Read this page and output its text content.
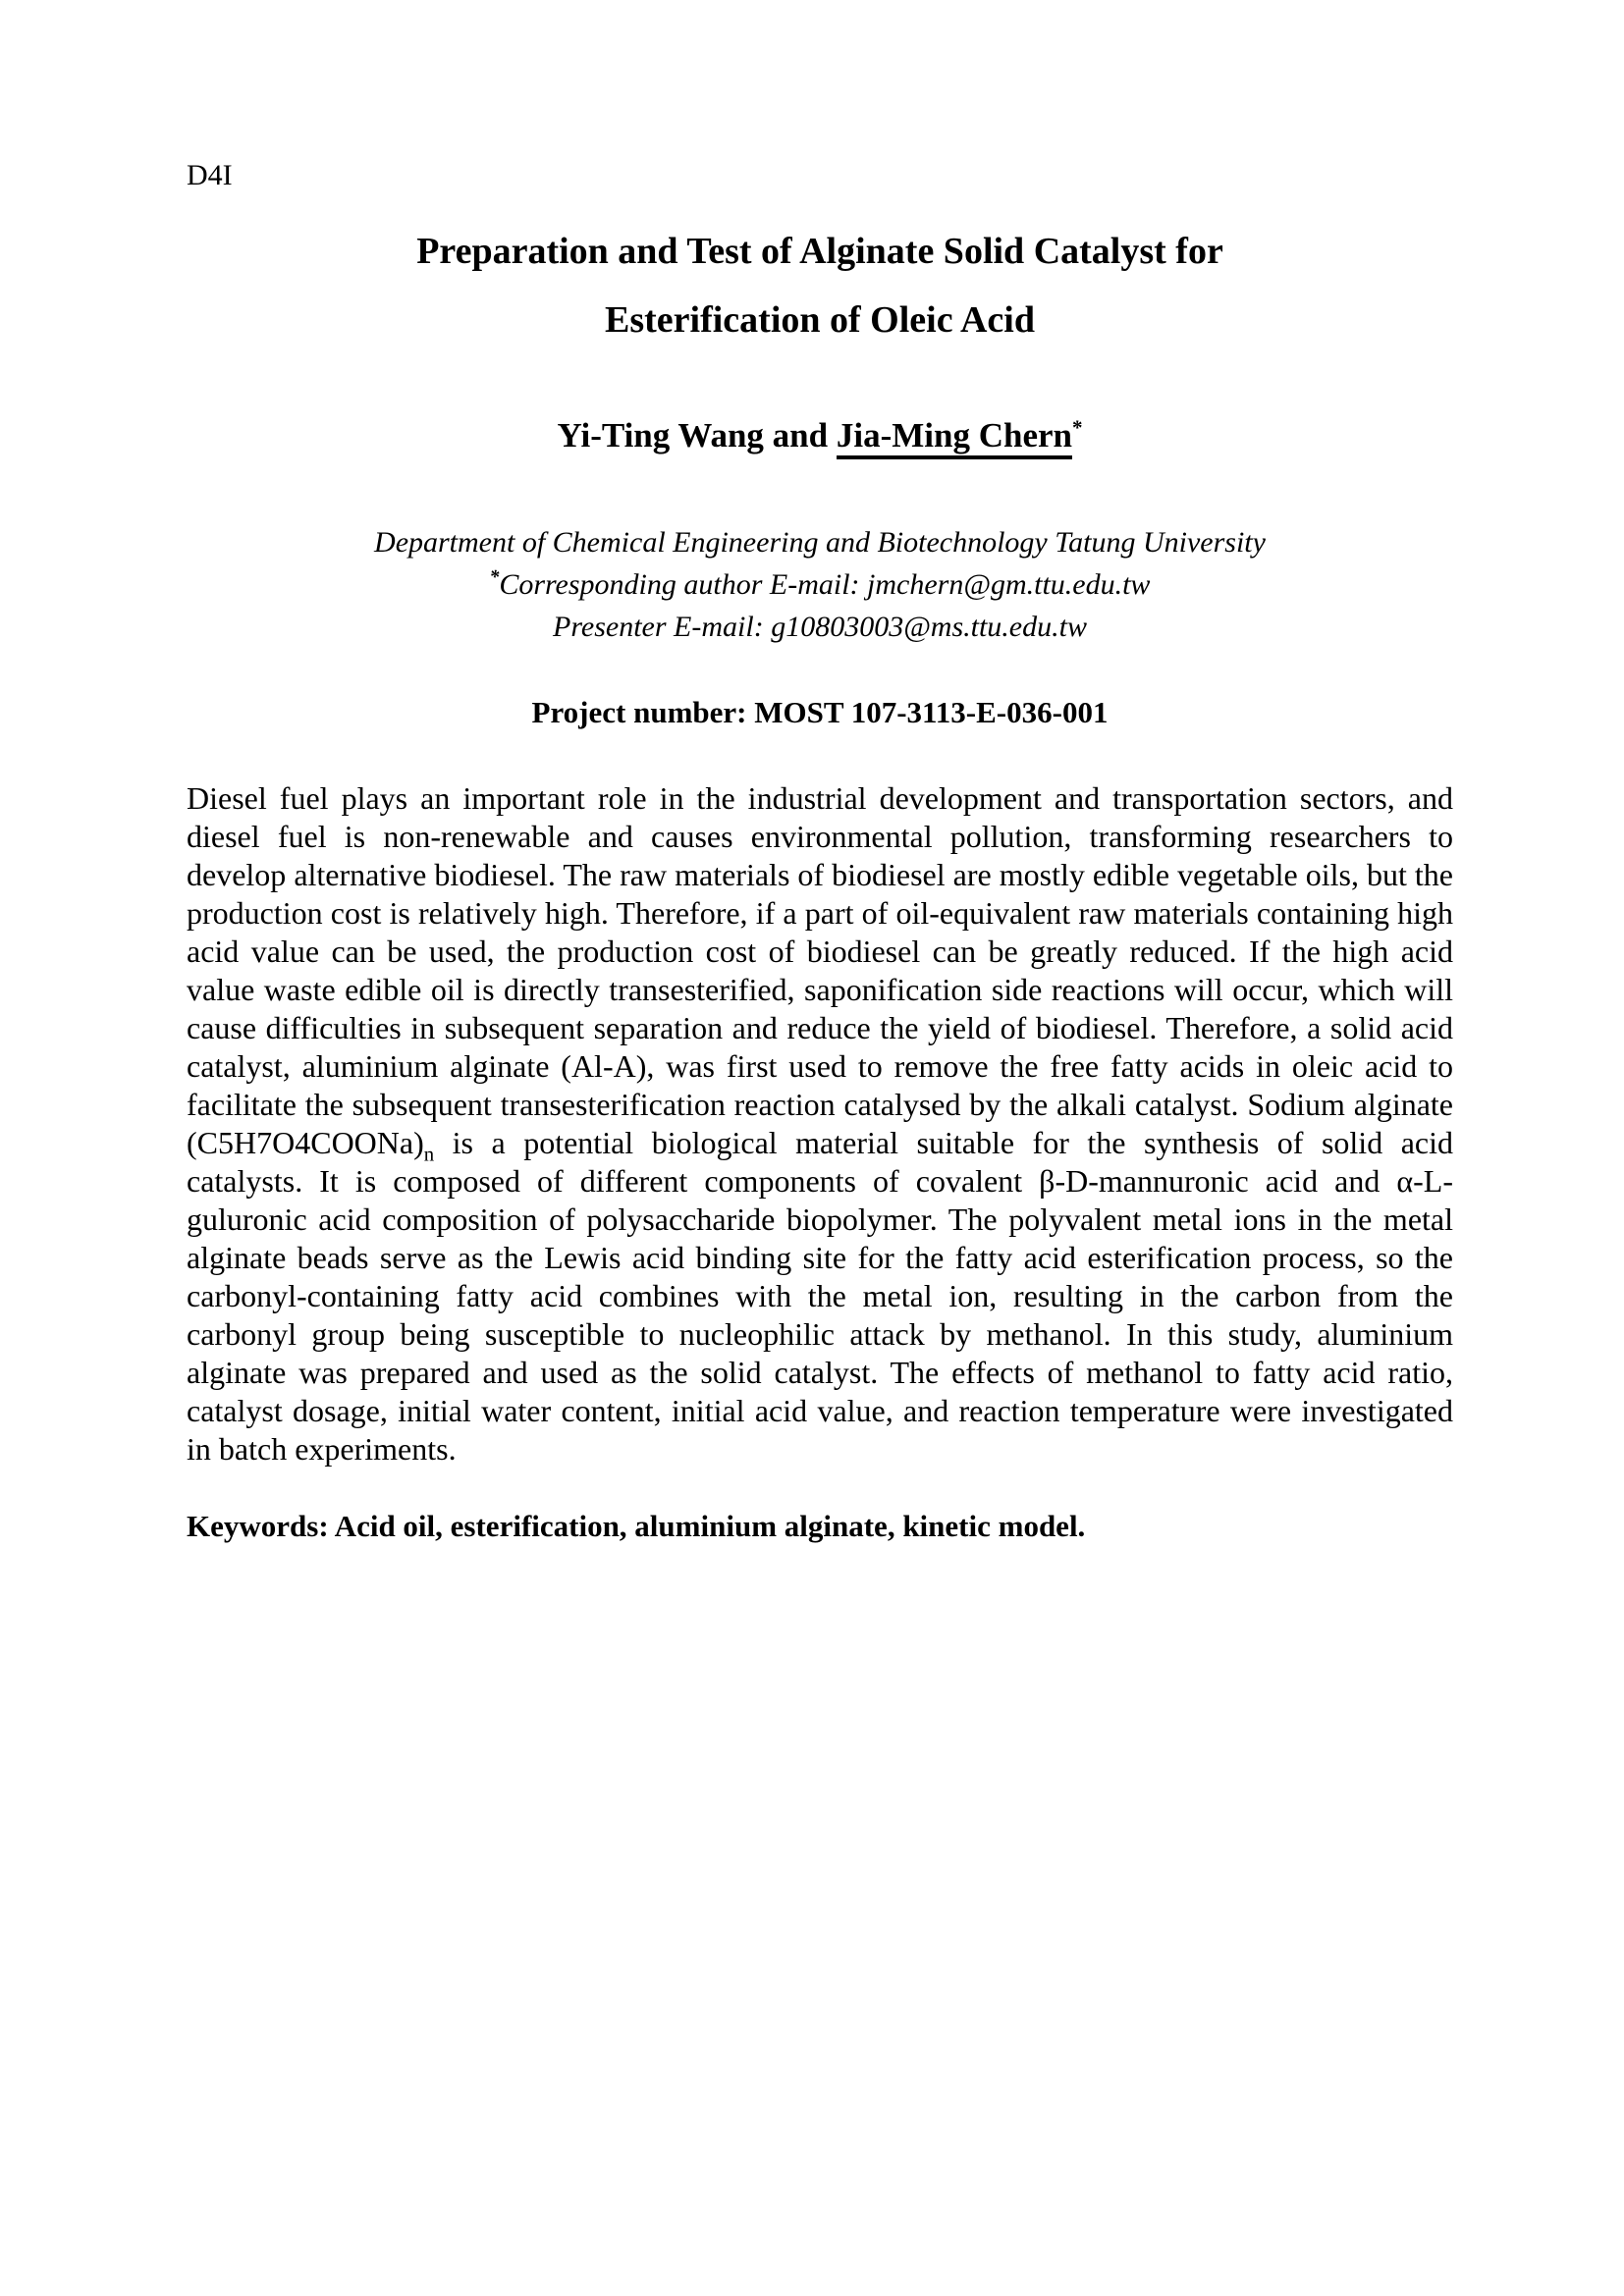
D4I
Preparation and Test of Alginate Solid Catalyst for
Esterification of Oleic Acid
Yi-Ting Wang and Jia-Ming Chern*
Department of Chemical Engineering and Biotechnology Tatung University
*Corresponding author E-mail: jmchern@gm.ttu.edu.tw
Presenter E-mail: g10803003@ms.ttu.edu.tw
Project number: MOST 107-3113-E-036-001

Diesel fuel plays an important role in the industrial development and transportation sectors, and diesel fuel is non-renewable and causes environmental pollution, transforming researchers to develop alternative biodiesel. The raw materials of biodiesel are mostly edible vegetable oils, but the production cost is relatively high. Therefore, if a part of oil-equivalent raw materials containing high acid value can be used, the production cost of biodiesel can be greatly reduced. If the high acid value waste edible oil is directly transesterified, saponification side reactions will occur, which will cause difficulties in subsequent separation and reduce the yield of biodiesel. Therefore, a solid acid catalyst, aluminium alginate (Al-A), was first used to remove the free fatty acids in oleic acid to facilitate the subsequent transesterification reaction catalysed by the alkali catalyst. Sodium alginate $(C5H7O4COONa)_n$ is a potential biological material suitable for the synthesis of solid acid catalysts. It is composed of different components of covalent β-D-mannuronic acid and α-L-guluronic acid composition of polysaccharide biopolymer. The polyvalent metal ions in the metal alginate beads serve as the Lewis acid binding site for the fatty acid esterification process, so the carbonyl-containing fatty acid combines with the metal ion, resulting in the carbon from the carbonyl group being susceptible to nucleophilic attack by methanol. In this study, aluminium alginate was prepared and used as the solid catalyst. The effects of methanol to fatty acid ratio, catalyst dosage, initial water content, initial acid value, and reaction temperature were investigated in batch experiments.

Keywords: Acid oil, esterification, aluminium alginate, kinetic model.
